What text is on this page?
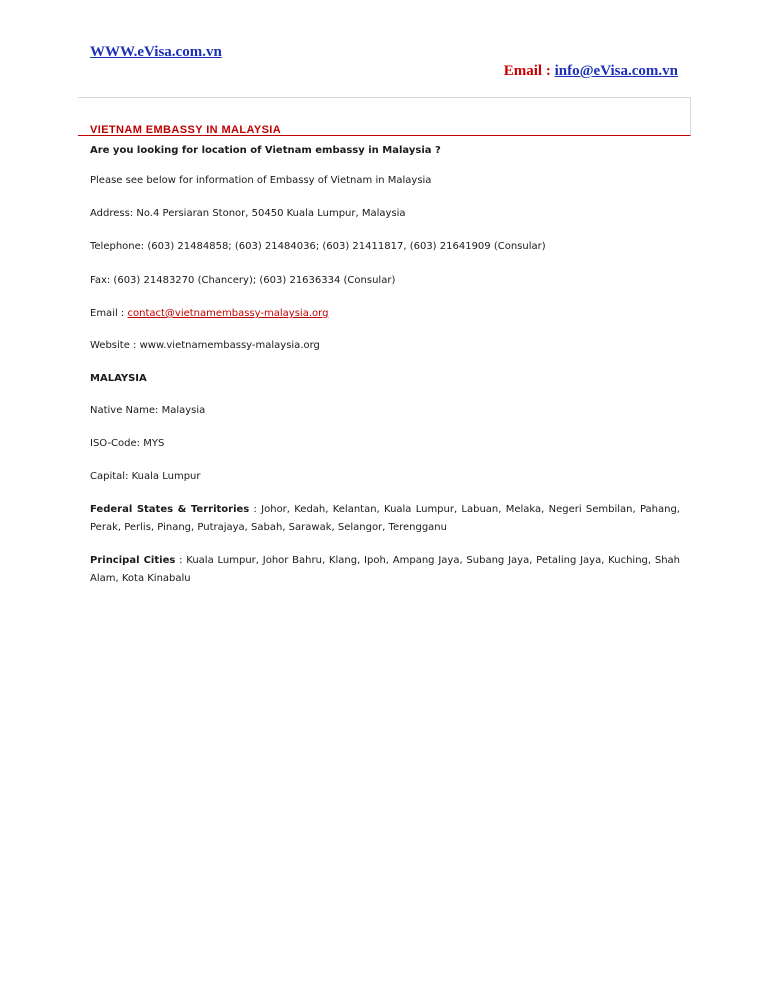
WWW.eVisa.com.vn
Email : info@eVisa.com.vn
VIETNAM EMBASSY IN MALAYSIA

Are you looking for location of Vietnam embassy in Malaysia ?

Please see below for information of Embassy of Vietnam in Malaysia

Address: No.4 Persiaran Stonor, 50450 Kuala Lumpur, Malaysia

Telephone: (603) 21484858; (603) 21484036; (603) 21411817, (603) 21641909 (Consular)

Fax: (603) 21483270 (Chancery); (603) 21636334 (Consular)

Email : contact@vietnamembassy-malaysia.org

Website : www.vietnamembassy-malaysia.org

MALAYSIA

Native Name: Malaysia

ISO-Code: MYS

Capital: Kuala Lumpur

Federal States & Territories : Johor, Kedah, Kelantan, Kuala Lumpur, Labuan, Melaka, Negeri Sembilan, Pahang, Perak, Perlis, Pinang, Putrajaya, Sabah, Sarawak, Selangor, Terengganu

Principal Cities : Kuala Lumpur, Johor Bahru, Klang, Ipoh, Ampang Jaya, Subang Jaya, Petaling Jaya, Kuching, Shah Alam, Kota Kinabalu
